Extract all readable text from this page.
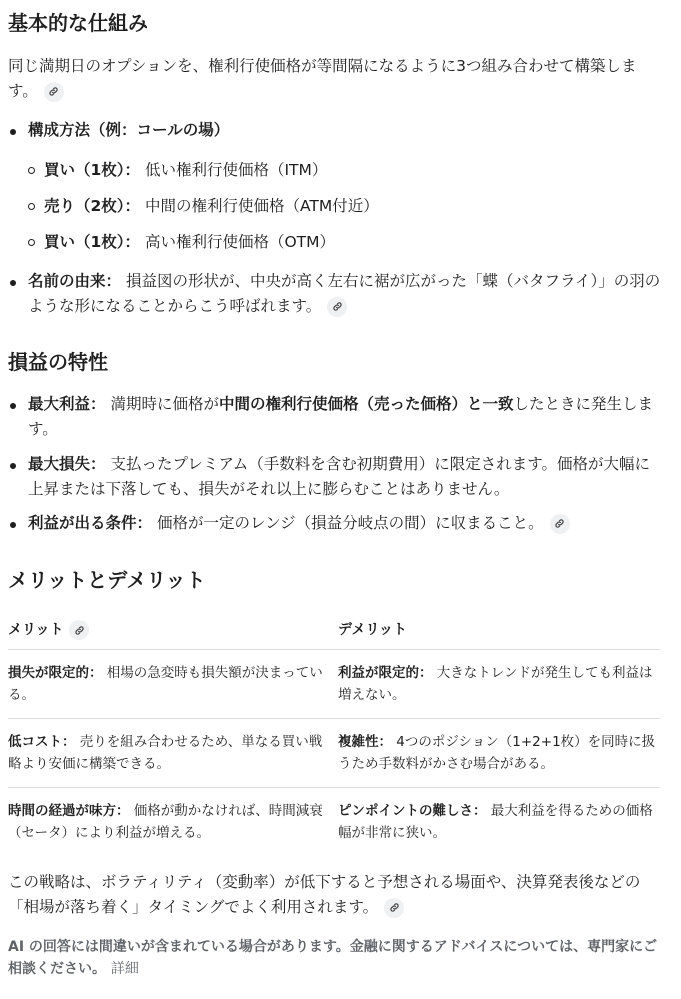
基本的な仕組み
同じ満期日のオプションを、権利行使価格が等間隔になるように3つ組み合わせて構築します。
構成方法（例：コールの場）
買い（1枚）： 低い権利行使価格（ITM）
売り（2枚）： 中間の権利行使価格（ATM付近）
買い（1枚）： 高い権利行使価格（OTM）
名前の由来： 損益図の形状が、中央が高く左右に裾が広がった「蝶（バタフライ）」の羽のような形になることからこう呼ばれます。
損益の特性
最大利益： 満期時に価格が中間の権利行使価格（売った価格）と一致したときに発生します。
最大損失： 支払ったプレミアム（手数料を含む初期費用）に限定されます。価格が大幅に上昇または下落しても、損失がそれ以上に膨らむことはありません。
利益が出る条件： 価格が一定のレンジ（損益分岐点の間）に収まること。
メリットとデメリット
メリット	デメリット
損失が限定的： 相場の急変時も損失額が決まっている。	利益が限定的： 大きなトレンドが発生しても利益は増えない。
低コスト： 売りを組み合わせるため、単なる買い戦略より安価に構築できる。	複雑性： 4つのポジション（1+2+1枚）を同時に扱うため手数料がかさむ場合がある。
時間の経過が味方： 価格が動かなければ、時間減衰（セータ）により利益が増える。	ピンポイントの難しさ： 最大利益を得るための価格幅が非常に狭い。
この戦略は、ボラティリティ（変動率）が低下すると予想される場面や、決算発表後などの「相場が落ち着く」タイミングでよく利用されます。
AI の回答には間違いが含まれている場合があります。金融に関するアドバイスについては、専門家にご相談ください。 詳細
